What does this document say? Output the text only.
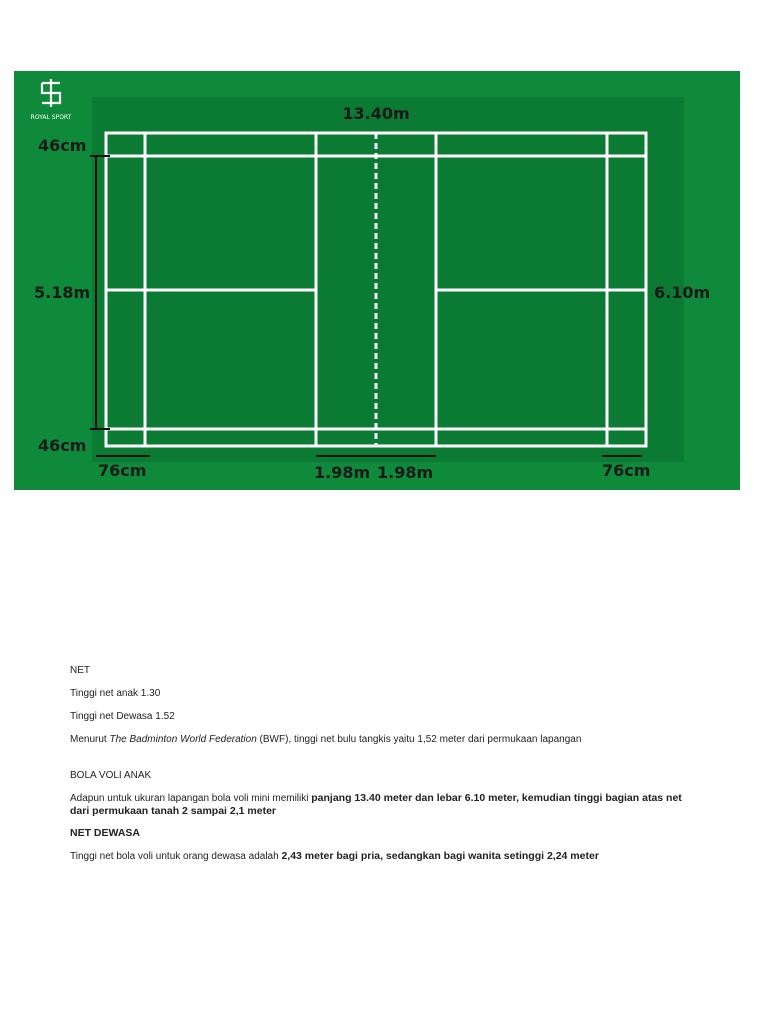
ROYAL SPORT	13.40m
46cm
5.18m
46cm
6.10m
76cm	1.98m 1.98m	76cm

NET

Tinggi net anak 1.30

Tinggi net Dewasa 1.52

Menurut The Badminton World Federation (BWF), tinggi net bulu tangkis yaitu 1,52 meter dari permukaan lapangan

BOLA VOLI ANAK

Adapun untuk ukuran lapangan bola voli mini memiliki panjang 13.40 meter dan lebar 6.10 meter, kemudian tinggi bagian atas net dari permukaan tanah 2 sampai 2,1 meter

NET DEWASA

Tinggi net bola voli untuk orang dewasa adalah 2,43 meter bagi pria, sedangkan bagi wanita setinggi 2,24 meter
